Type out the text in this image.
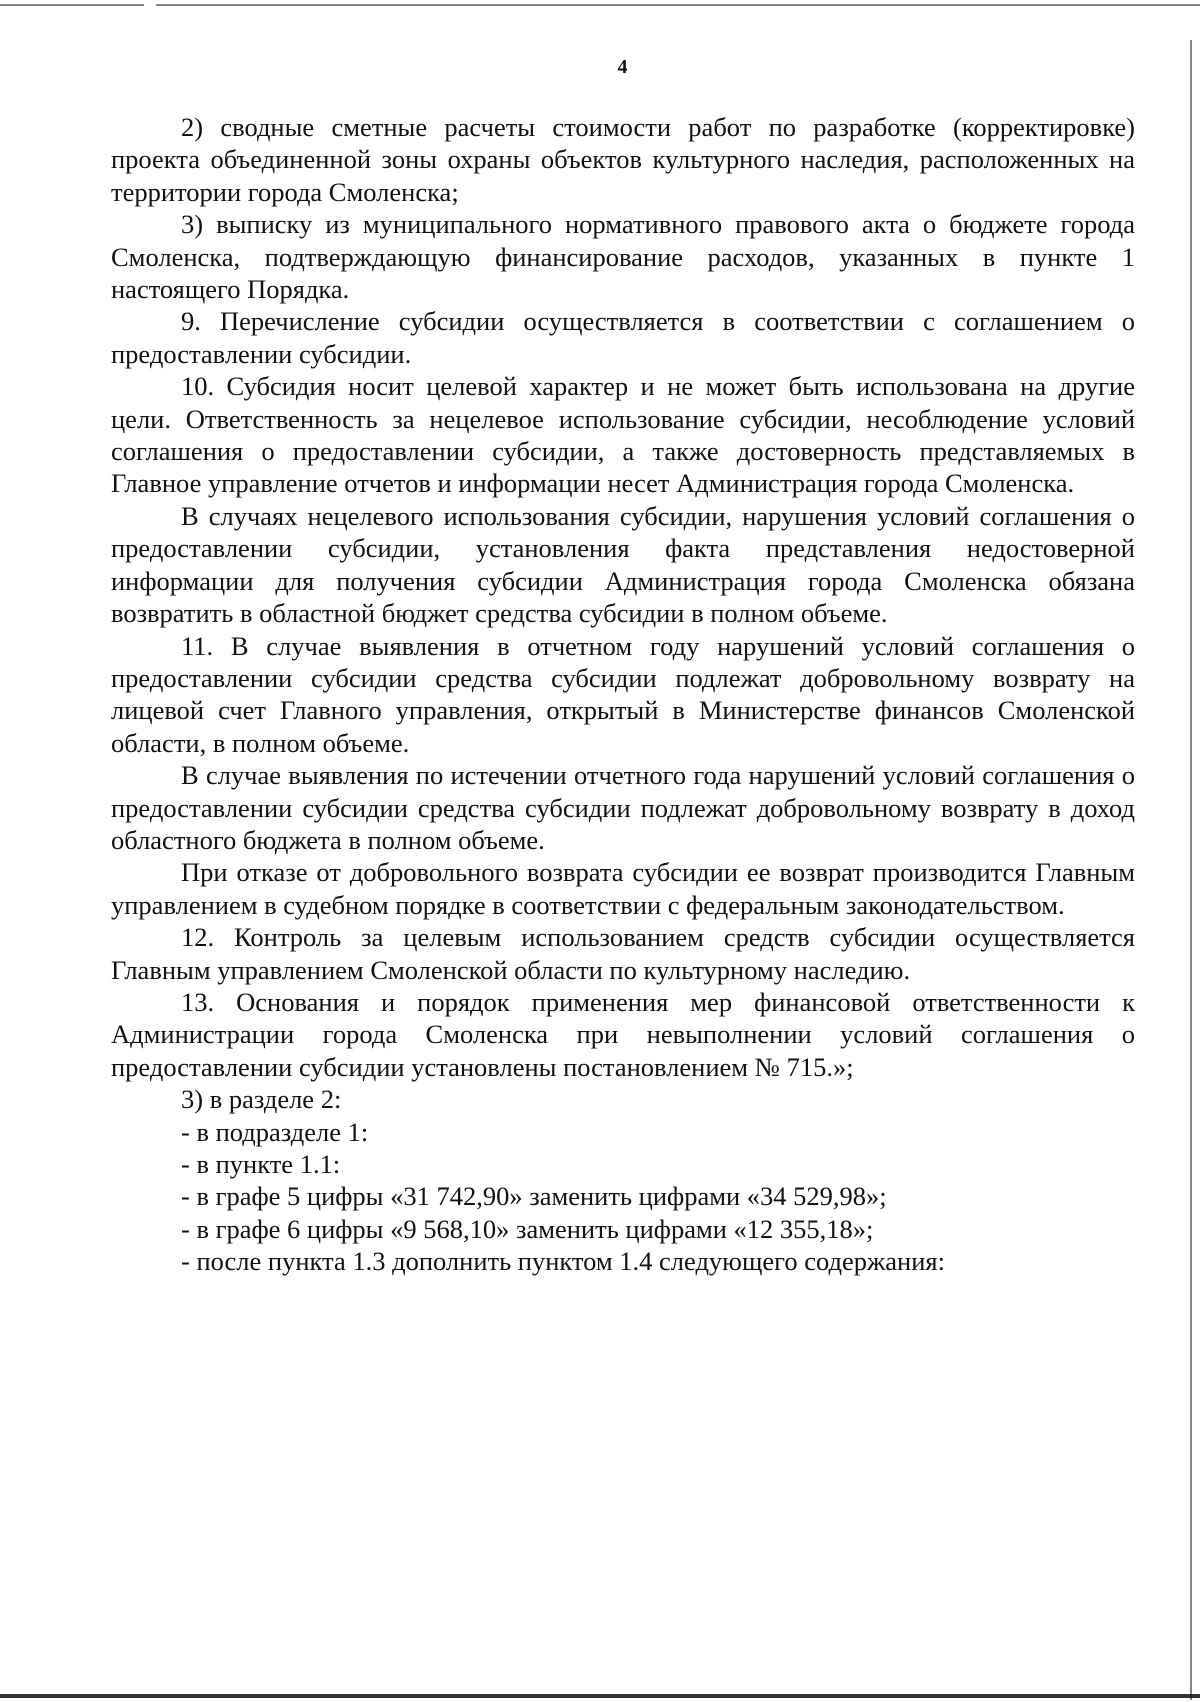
4

2) сводные сметные расчеты стоимости работ по разработке (корректировке) проекта объединенной зоны охраны объектов культурного наследия, расположенных на территории города Смоленска;

3) выписку из муниципального нормативного правового акта о бюджете города Смоленска, подтверждающую финансирование расходов, указанных в пункте 1 настоящего Порядка.

9. Перечисление субсидии осуществляется в соответствии с соглашением о предоставлении субсидии.

10. Субсидия носит целевой характер и не может быть использована на другие цели. Ответственность за нецелевое использование субсидии, несоблюдение условий соглашения о предоставлении субсидии, а также достоверность представляемых в Главное управление отчетов и информации несет Администрация города Смоленска.

В случаях нецелевого использования субсидии, нарушения условий соглашения о предоставлении субсидии, установления факта представления недостоверной информации для получения субсидии Администрация города Смоленска обязана возвратить в областной бюджет средства субсидии в полном объеме.

11. В случае выявления в отчетном году нарушений условий соглашения о предоставлении субсидии средства субсидии подлежат добровольному возврату на лицевой счет Главного управления, открытый в Министерстве финансов Смоленской области, в полном объеме.

В случае выявления по истечении отчетного года нарушений условий соглашения о предоставлении субсидии средства субсидии подлежат добровольному возврату в доход областного бюджета в полном объеме.

При отказе от добровольного возврата субсидии ее возврат производится Главным управлением в судебном порядке в соответствии с федеральным законодательством.

12. Контроль за целевым использованием средств субсидии осуществляется Главным управлением Смоленской области по культурному наследию.

13. Основания и порядок применения мер финансовой ответственности к Администрации города Смоленска при невыполнении условий соглашения о предоставлении субсидии установлены постановлением № 715.»;

3) в разделе 2:

- в подразделе 1:

- в пункте 1.1:

- в графе 5 цифры «31 742,90» заменить цифрами «34 529,98»;

- в графе 6 цифры «9 568,10» заменить цифрами «12 355,18»;

- после пункта 1.3 дополнить пунктом 1.4 следующего содержания:
